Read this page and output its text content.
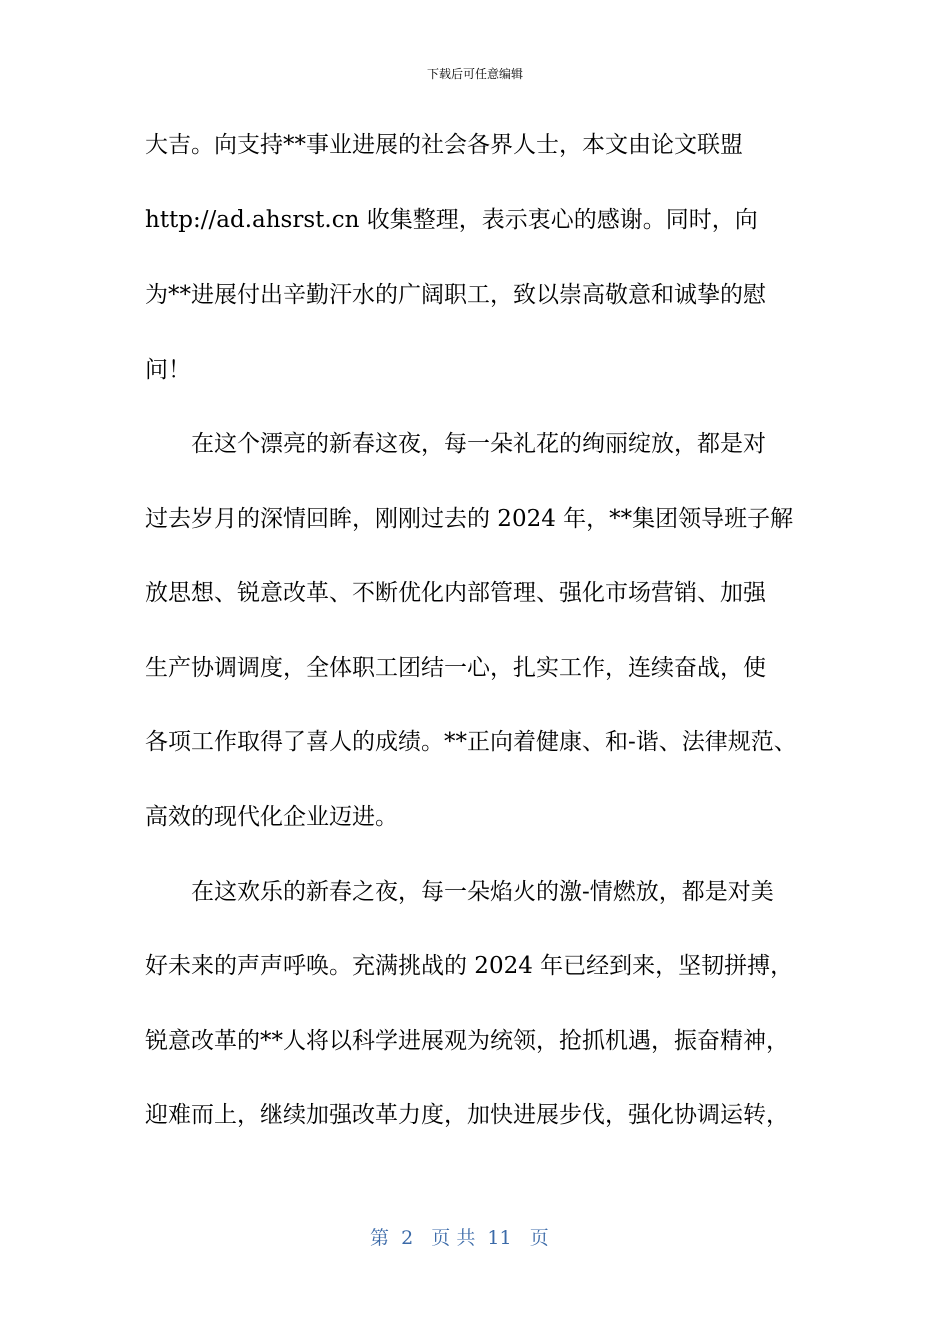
下载后可任意编辑
大吉。向支持**事业进展的社会各界人士，本文由论文联盟
http://ad.ahsrst.cn 收集整理，表示衷心的感谢。同时，向
为**进展付出辛勤汗水的广阔职工，致以崇高敬意和诚挚的慰
问！
　　在这个漂亮的新春这夜，每一朵礼花的绚丽绽放，都是对
过去岁月的深情回眸，刚刚过去的 2024 年，**集团领导班子解
放思想、锐意改革、不断优化内部管理、强化市场营销、加强
生产协调调度，全体职工团结一心，扎实工作，连续奋战，使
各项工作取得了喜人的成绩。**正向着健康、和-谐、法律规范、
高效的现代化企业迈进。
　　在这欢乐的新春之夜，每一朵焰火的激-情燃放，都是对美
好未来的声声呼唤。充满挑战的 2024 年已经到来，坚韧拼搏，
锐意改革的**人将以科学进展观为统领，抢抓机遇，振奋精神，
迎难而上，继续加强改革力度，加快进展步伐，强化协调运转，
第  2   页 共  11   页
